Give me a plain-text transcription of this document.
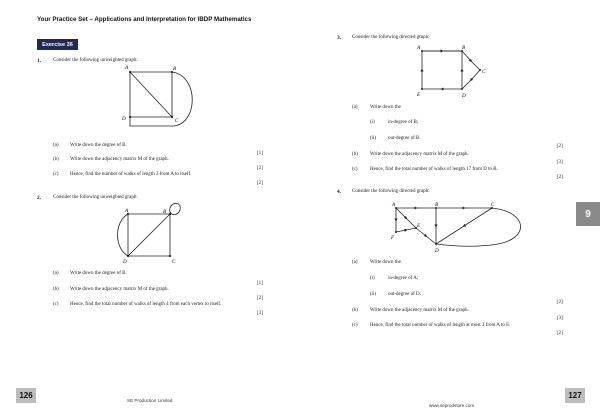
Your Practice Set – Applications and Interpretation for IBDP Mathematics
Exercise 36
1. Consider the following unweighted graph:
A	B
C
D
(a) Write down the degree of B.
[1]
(b) Write down the adjacency matrix M of the graph.
[2]
(c) Hence, find the number of walks of length 3 from A to itself.
[2]
2. Consider the following unweighted graph:
A	B
C
D
(a) Write down the degree of B.
[1]
(b) Write down the adjacency matrix M of the graph.
[2]
(c) Hence, find the total number of walks of length 4 from each vertex to itself.
[3]
3. Consider the following directed graph:
A	B
C
D
E
(a) Write down the
(i)	in-degree of B;
(ii) out-degree of B.
[2]
(b) Write down the adjacency matrix M of the graph.
[3]
(c) Hence, find the total number of walks of length 17 from D to B.
[2]
4. Consider the following directed graph:
A	B	C
D
E
F
(a) Write down the
(i)	in-degree of A;
(ii) out-degree of D.
[2]
(b) Write down the adjacency matrix M of the graph.
[3]
(c) Hence, find the total number of walks of length at most 3 from A to E.
[2]
9
126	127
SE Production Limited
www.seprodstore.com
